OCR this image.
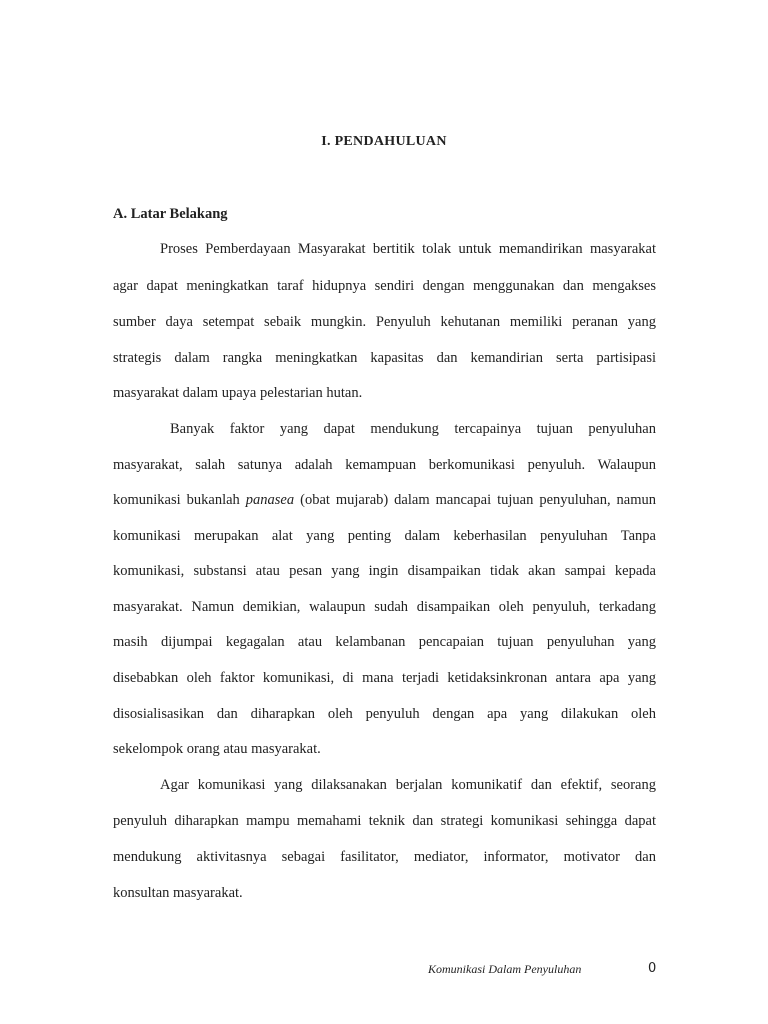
I. PENDAHULUAN
A. Latar Belakang
Proses Pemberdayaan Masyarakat bertitik tolak untuk memandirikan masyarakat
agar dapat meningkatkan taraf hidupnya sendiri dengan menggunakan dan mengakses
sumber daya setempat sebaik mungkin. Penyuluh kehutanan memiliki peranan yang
strategis dalam rangka meningkatkan kapasitas dan kemandirian serta partisipasi
masyarakat dalam upaya pelestarian hutan.
Banyak faktor yang dapat mendukung tercapainya tujuan penyuluhan
masyarakat, salah satunya adalah kemampuan berkomunikasi penyuluh. Walaupun
komunikasi bukanlah panasea (obat mujarab) dalam mancapai tujuan penyuluhan, namun
komunikasi merupakan alat yang penting dalam keberhasilan penyuluhan Tanpa
komunikasi, substansi atau pesan yang ingin disampaikan tidak akan sampai kepada
masyarakat. Namun demikian, walaupun sudah disampaikan oleh penyuluh, terkadang
masih dijumpai kegagalan atau kelambanan pencapaian tujuan penyuluhan yang
disebabkan oleh faktor komunikasi, di mana terjadi ketidaksinkronan antara apa yang
disosialisasikan dan diharapkan oleh penyuluh dengan apa yang dilakukan oleh
sekelompok orang atau masyarakat.
Agar komunikasi yang dilaksanakan berjalan komunikatif dan efektif, seorang
penyuluh diharapkan mampu memahami teknik dan strategi komunikasi sehingga dapat
mendukung aktivitasnya sebagai fasilitator, mediator, informator, motivator dan
konsultan masyarakat.
Komunikasi Dalam Penyuluhan	0
